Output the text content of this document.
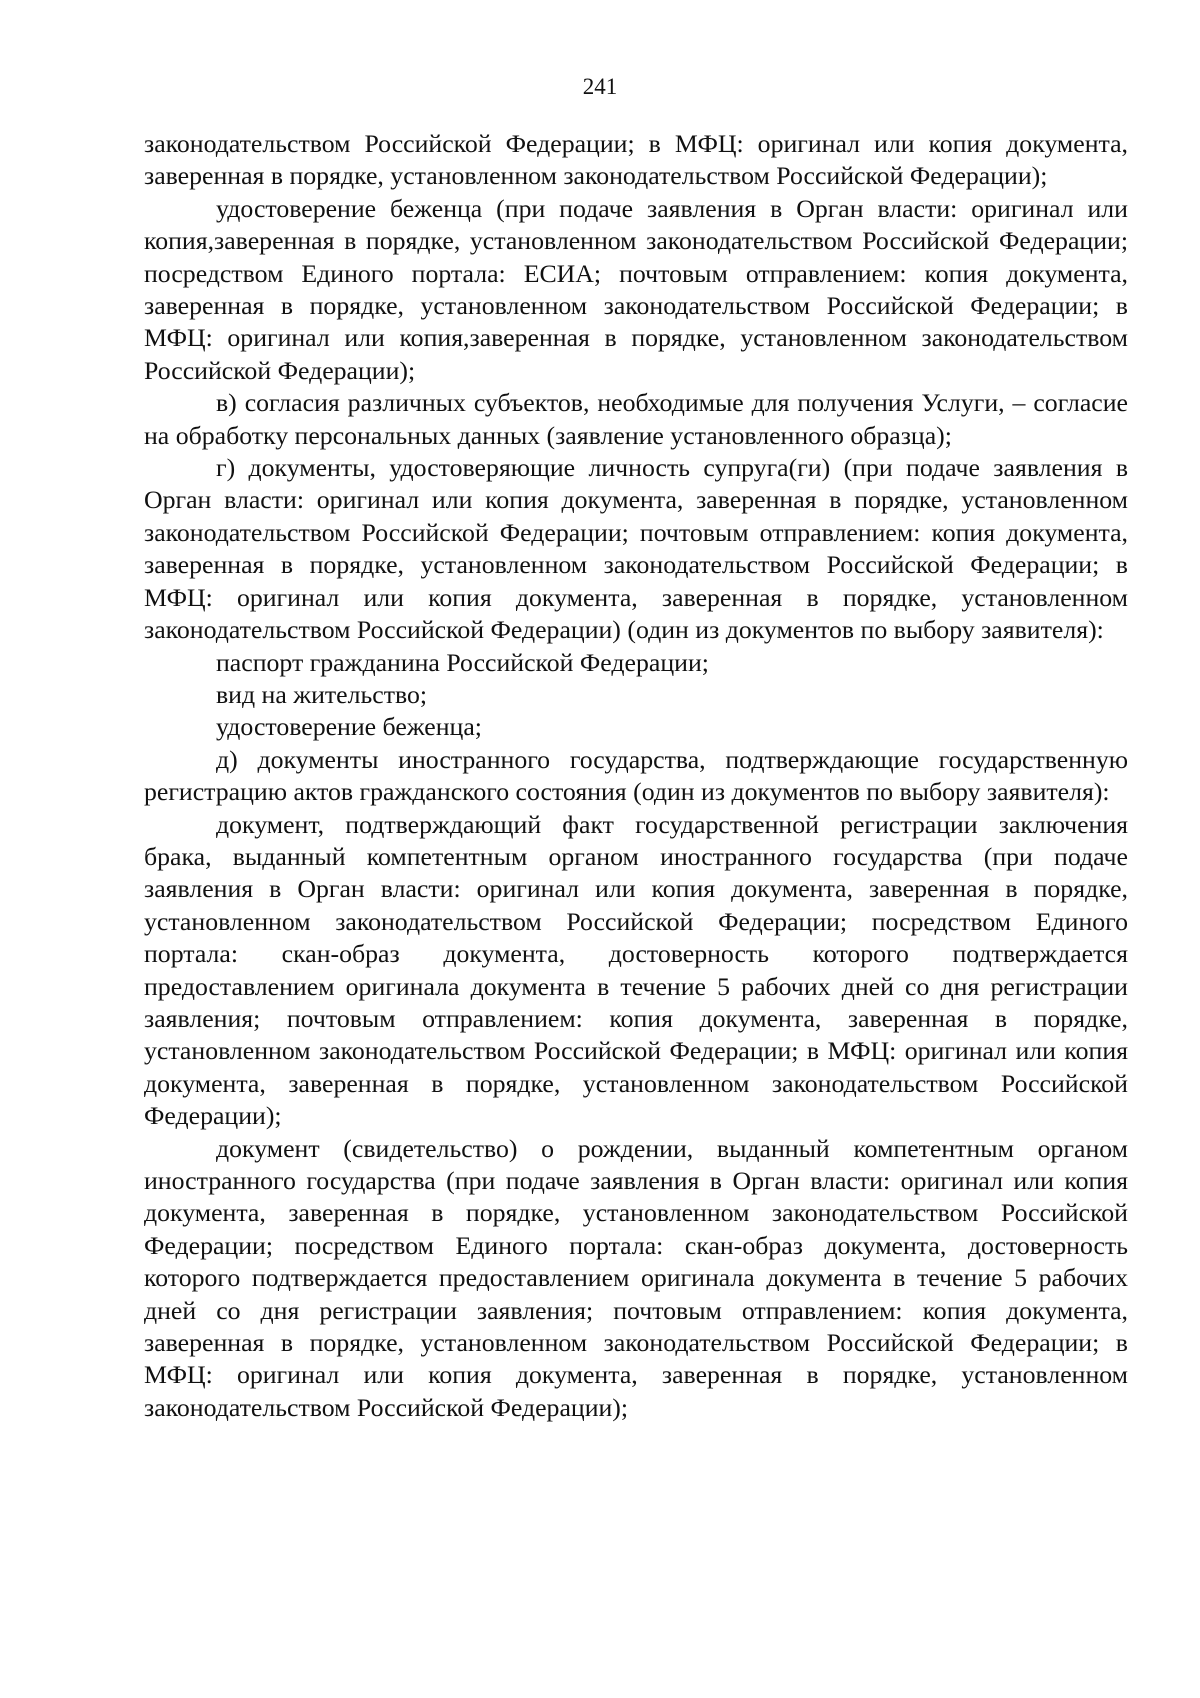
241

законодательством Российской Федерации; в МФЦ: оригинал или копия документа, заверенная в порядке, установленном законодательством Российской Федерации);

удостоверение беженца (при подаче заявления в Орган власти: оригинал или копия,заверенная в порядке, установленном законодательством Российской Федерации; посредством Единого портала: ЕСИА; почтовым отправлением: копия документа, заверенная в порядке, установленном законодательством Российской Федерации; в МФЦ: оригинал или копия,заверенная в порядке, установленном законодательством Российской Федерации);

в) согласия различных субъектов, необходимые для получения Услуги, – согласие на обработку персональных данных (заявление установленного образца);

г) документы, удостоверяющие личность супруга(ги) (при подаче заявления в Орган власти: оригинал или копия документа, заверенная в порядке, установленном законодательством Российской Федерации; почтовым отправлением: копия документа, заверенная в порядке, установленном законодательством Российской Федерации; в МФЦ: оригинал или копия документа, заверенная в порядке, установленном законодательством Российской Федерации) (один из документов по выбору заявителя):

паспорт гражданина Российской Федерации;

вид на жительство;

удостоверение беженца;

д) документы иностранного государства, подтверждающие государственную регистрацию актов гражданского состояния (один из документов по выбору заявителя):

документ, подтверждающий факт государственной регистрации заключения брака, выданный компетентным органом иностранного государства (при подаче заявления в Орган власти: оригинал или копия документа, заверенная в порядке, установленном законодательством Российской Федерации; посредством Единого портала: скан-образ документа, достоверность которого подтверждается предоставлением оригинала документа в течение 5 рабочих дней со дня регистрации заявления; почтовым отправлением: копия документа, заверенная в порядке, установленном законодательством Российской Федерации; в МФЦ: оригинал или копия документа, заверенная в порядке, установленном законодательством Российской Федерации);

документ (свидетельство) о рождении, выданный компетентным органом иностранного государства (при подаче заявления в Орган власти: оригинал или копия документа, заверенная в порядке, установленном законодательством Российской Федерации; посредством Единого портала: скан-образ документа, достоверность которого подтверждается предоставлением оригинала документа в течение 5 рабочих дней со дня регистрации заявления; почтовым отправлением: копия документа, заверенная в порядке, установленном законодательством Российской Федерации; в МФЦ: оригинал или копия документа, заверенная в порядке, установленном законодательством Российской Федерации);
